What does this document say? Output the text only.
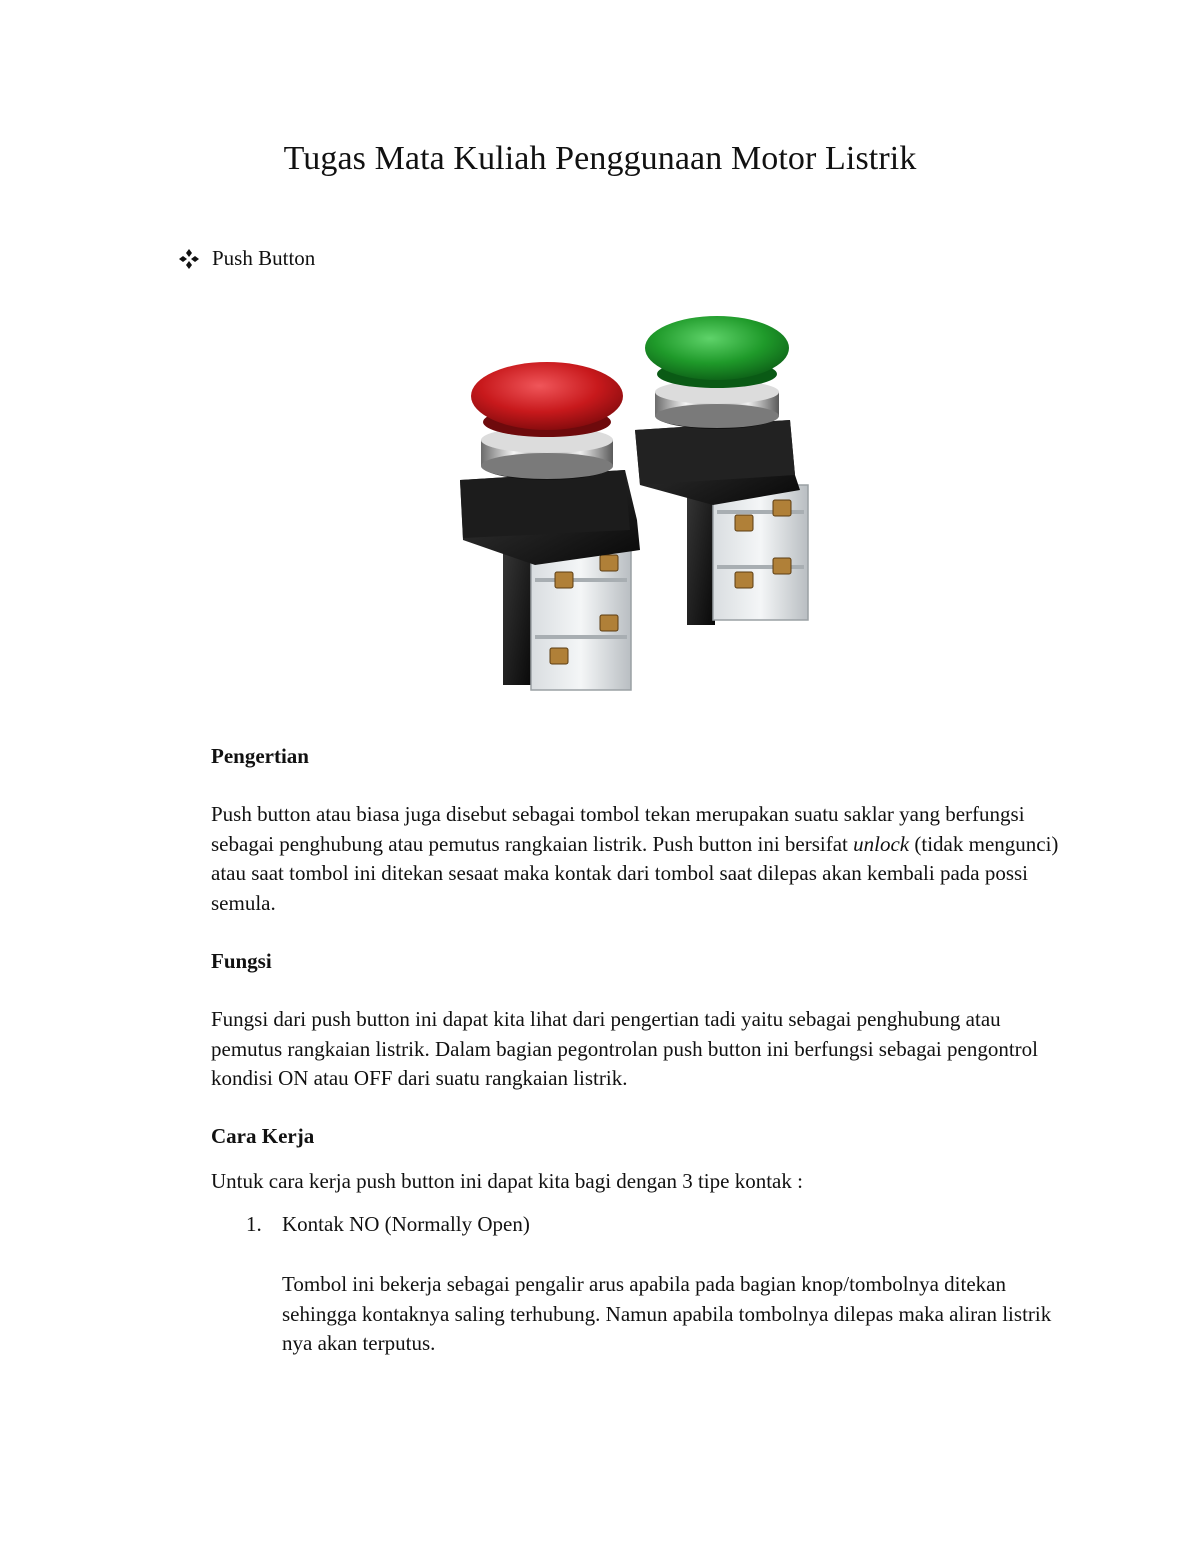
Tugas Mata Kuliah Penggunaan Motor Listrik
Push Button

Pengertian

Push button atau biasa juga disebut sebagai tombol tekan merupakan suatu saklar yang berfungsi sebagai penghubung atau pemutus rangkaian listrik. Push button ini bersifat unlock (tidak mengunci) atau saat tombol ini ditekan sesaat maka kontak dari tombol saat dilepas akan kembali pada possi semula.

Fungsi

Fungsi dari push button ini dapat kita lihat dari pengertian tadi yaitu sebagai penghubung atau pemutus rangkaian listrik. Dalam bagian pegontrolan push button ini berfungsi sebagai pengontrol kondisi ON atau OFF dari suatu rangkaian listrik.

Cara Kerja

Untuk cara kerja push button ini dapat kita bagi dengan 3 tipe kontak :

1. Kontak NO (Normally Open)

Tombol ini bekerja sebagai pengalir arus apabila pada bagian knop/tombolnya ditekan sehingga kontaknya saling terhubung. Namun apabila tombolnya dilepas maka aliran listrik nya akan terputus.
